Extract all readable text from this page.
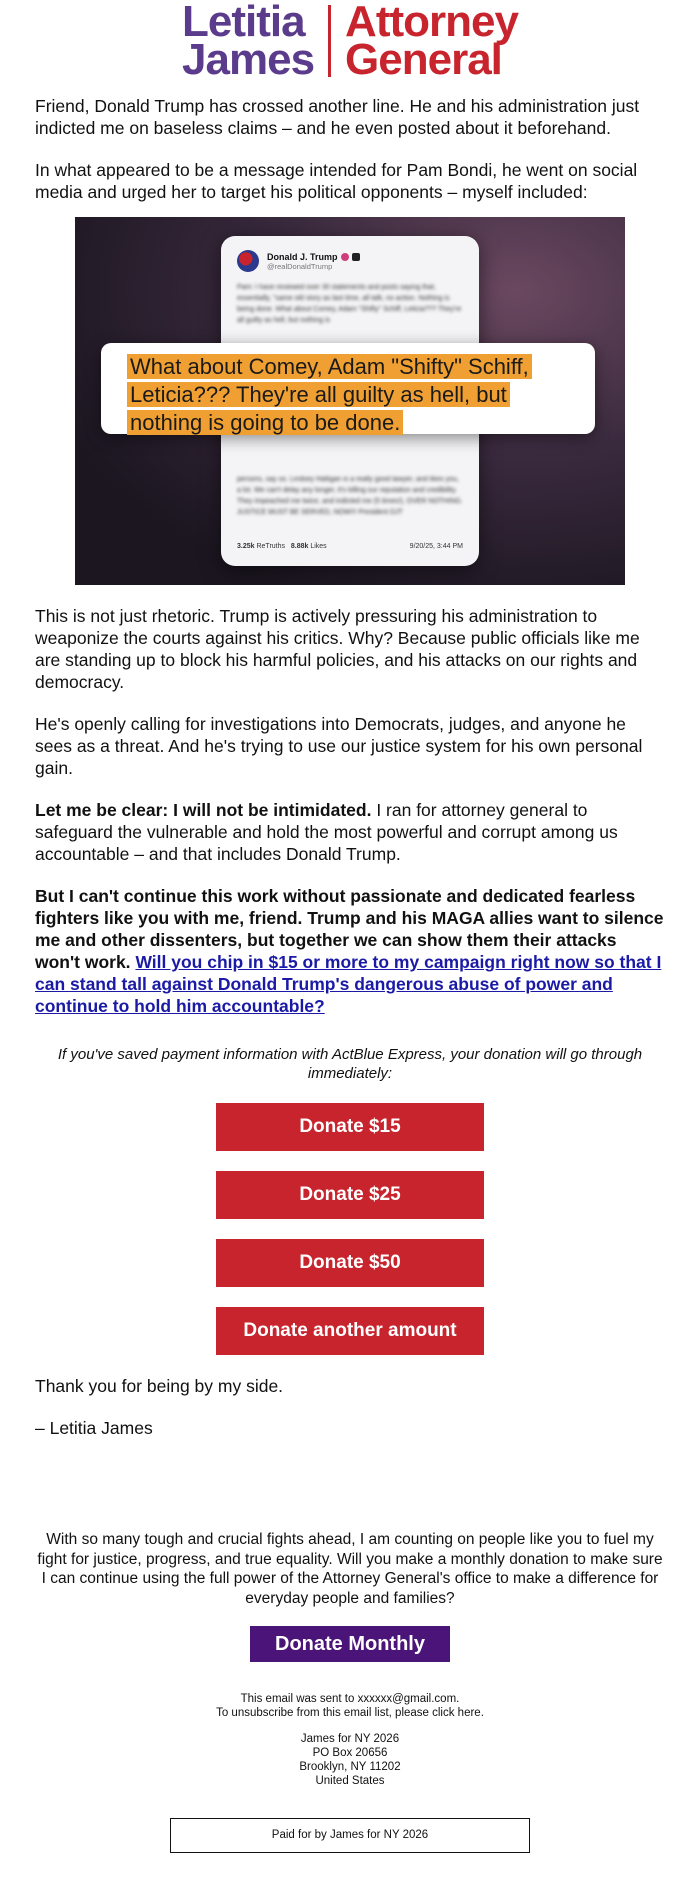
Letitia
James
Attorney
General

Friend, Donald Trump has crossed another line. He and his administration just indicted me on baseless claims – and he even posted about it beforehand.

In what appeared to be a message intended for Pam Bondi, he went on social media and urged her to target his political opponents – myself included:

Donald J. Trump
@realDonaldTrump
Pam: I have reviewed over 30 statements and posts saying that, essentially, "same old story as last time, all talk, no action. Nothing is being done. What about Comey, Adam "Shifty" Schiff, Leticia??? They're all guilty as hell, but nothing is
persons, say so. Lindsey Halligan is a really good lawyer, and likes you, a lot. We can't delay any longer, it's killing our reputation and credibility. They impeached me twice, and indicted me (5 times!), OVER NOTHING. JUSTICE MUST BE SERVED, NOW!!! President DJT
3.25k ReTruths 8.88k Likes	9/20/25, 3:44 PM
What about Comey, Adam "Shifty" Schiff, Leticia??? They're all guilty as hell, but nothing is going to be done.

This is not just rhetoric. Trump is actively pressuring his administration to weaponize the courts against his critics. Why? Because public officials like me are standing up to block his harmful policies, and his attacks on our rights and democracy.

He's openly calling for investigations into Democrats, judges, and anyone he sees as a threat. And he's trying to use our justice system for his own personal gain.

Let me be clear: I will not be intimidated. I ran for attorney general to safeguard the vulnerable and hold the most powerful and corrupt among us accountable – and that includes Donald Trump.

But I can't continue this work without passionate and dedicated fearless fighters like you with me, friend. Trump and his MAGA allies want to silence me and other dissenters, but together we can show them their attacks won't work. Will you chip in $15 or more to my campaign right now so that I can stand tall against Donald Trump's dangerous abuse of power and continue to hold him accountable?

If you've saved payment information with ActBlue Express, your donation will go through immediately:

Donate $15
Donate $25
Donate $50
Donate another amount

Thank you for being by my side.

– Letitia James

With so many tough and crucial fights ahead, I am counting on people like you to fuel my fight for justice, progress, and true equality. Will you make a monthly donation to make sure I can continue using the full power of the Attorney General's office to make a difference for everyday people and families?

Donate Monthly
This email was sent to xxxxxx@gmail.com.
To unsubscribe from this email list, please click here.
James for NY 2026
PO Box 20656
Brooklyn, NY 11202
United States
Paid for by James for NY 2026
